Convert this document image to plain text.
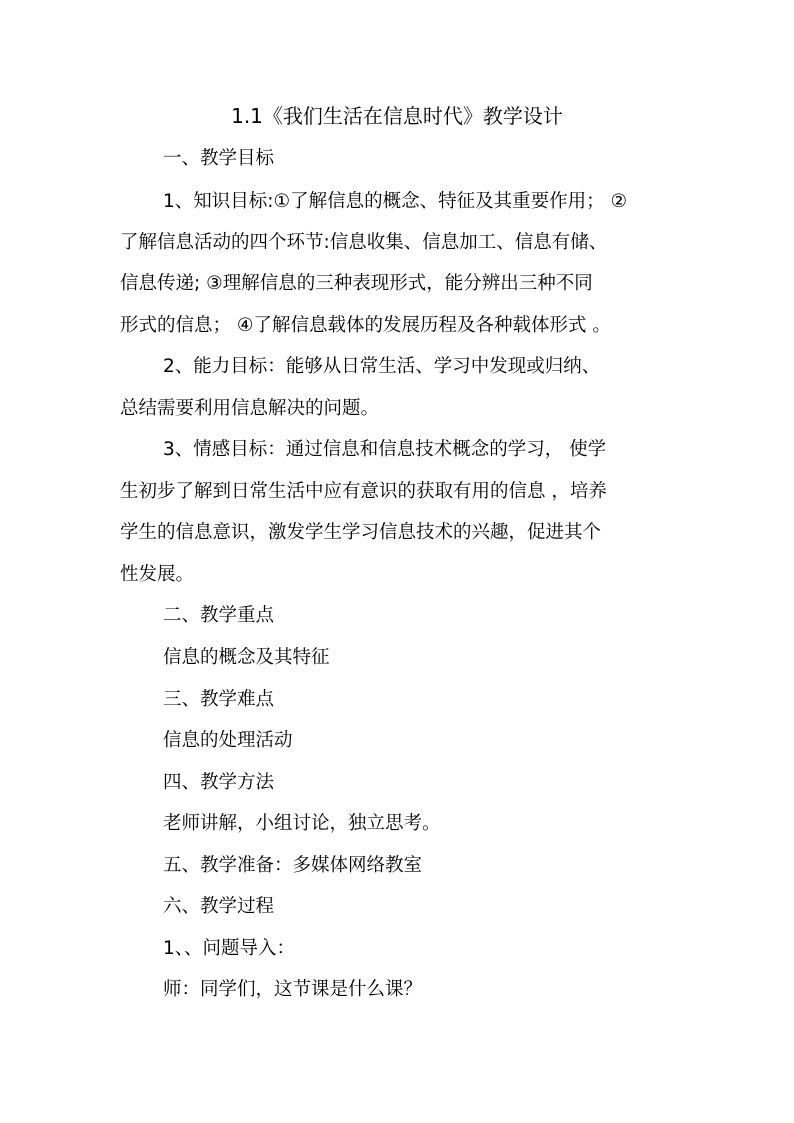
1.1《我们生活在信息时代》教学设计
一、教学目标
1、知识目标:①了解信息的概念、特征及其重要作用； ②
了解信息活动的四个环节:信息收集、信息加工、信息有储、
信息传递; ③理解信息的三种表现形式，能分辨出三种不同
形式的信息； ④了解信息载体的发展历程及各种载体形式 。
2、能力目标：能够从日常生活、学习中发现或归纳、
总结需要利用信息解决的问题。
3、情感目标：通过信息和信息技术概念的学习， 使学
生初步了解到日常生活中应有意识的获取有用的信息 ，培养
学生的信息意识，激发学生学习信息技术的兴趣，促进其个
性发展。
二、教学重点
信息的概念及其特征
三、教学难点
信息的处理活动
四、教学方法
老师讲解，小组讨论，独立思考。
五、教学准备：多媒体网络教室
六、教学过程
1、、问题导入：
师：同学们，这节课是什么课？
